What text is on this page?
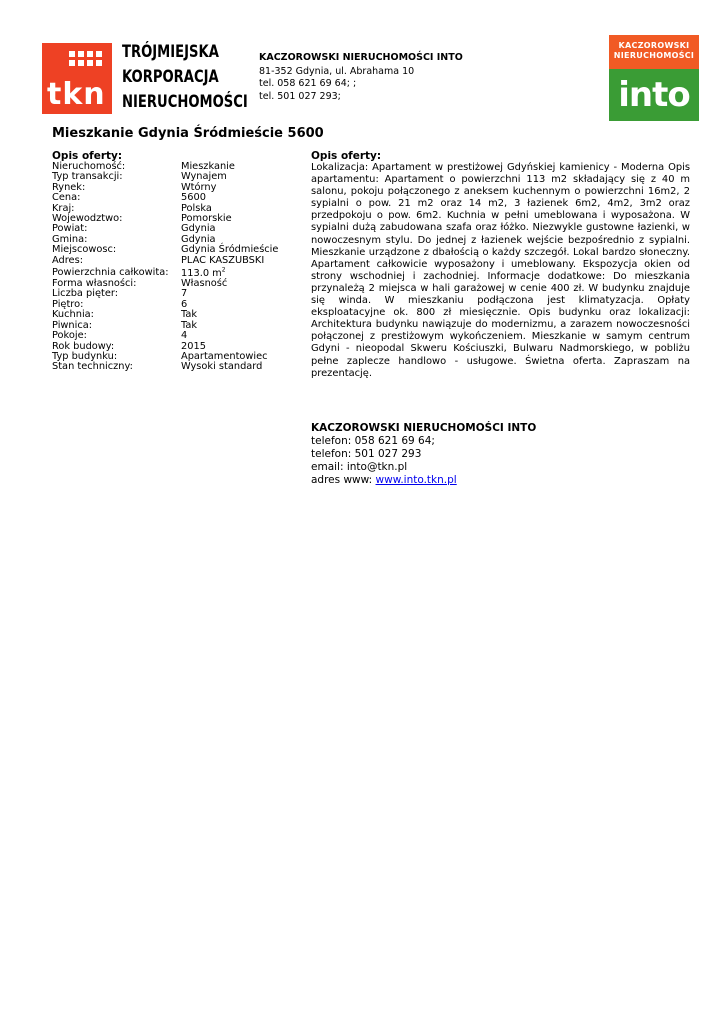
tkn
TRÓJMIEJSKA
KORPORACJA
NIERUCHOMOŚCI
KACZOROWSKI NIERUCHOMOŚCI INTO
81-352 Gdynia, ul. Abrahama 10
tel. 058 621 69 64; ;
tel. 501 027 293;
KACZOROWSKI
NIERUCHOMOŚCI
into
Mieszkanie Gdynia Śródmieście 5600
Opis oferty:
Nieruchomość:	Mieszkanie
Typ transakcji:	Wynajem
Rynek:	Wtórny
Cena:	5600
Kraj:	Polska
Wojewodztwo:	Pomorskie
Powiat:	Gdynia
Gmina:	Gdynia
Miejscowosc:	Gdynia Śródmieście
Adres:	PLAC KASZUBSKI
Powierzchnia całkowita:	113.0 $m^2$
Forma własności:	Własność
Liczba pięter:	7
Piętro:	6
Kuchnia:	Tak
Piwnica:	Tak
Pokoje:	4
Rok budowy:	2015
Typ budynku:	Apartamentowiec
Stan techniczny:	Wysoki standard
Opis oferty:
Lokalizacja: Apartament w prestiżowej Gdyńskiej kamienicy - Moderna Opis apartamentu: Apartament o powierzchni 113 m2 składający się z 40 m salonu, pokoju połączonego z aneksem kuchennym o powierzchni 16m2, 2 sypialni o pow. 21 m2 oraz 14 m2, 3 łazienek 6m2, 4m2, 3m2 oraz przedpokoju o pow. 6m2. Kuchnia w pełni umeblowana i wyposażona. W sypialni dużą zabudowana szafa oraz łóżko. Niezwykle gustowne łazienki, w nowoczesnym stylu. Do jednej z łazienek wejście bezpośrednio z sypialni. Mieszkanie urządzone z dbałością o każdy szczegół. Lokal bardzo słoneczny. Apartament całkowicie wyposażony i umeblowany. Ekspozycja okien od strony wschodniej i zachodniej. Informacje dodatkowe: Do mieszkania przynależą 2 miejsca w hali garażowej w cenie 400 zł. W budynku znajduje się winda. W mieszkaniu podłączona jest klimatyzacja. Opłaty eksploatacyjne ok. 800 zł miesięcznie. Opis budynku oraz lokalizacji: Architektura budynku nawiązuje do modernizmu, a zarazem nowoczesności połączonej z prestiżowym wykończeniem. Mieszkanie w samym centrum Gdyni - nieopodal Skweru Kościuszki, Bulwaru Nadmorskiego, w pobliżu pełne zaplecze handlowo - usługowe. Świetna oferta. Zapraszam na prezentację.
KACZOROWSKI NIERUCHOMOŚCI INTO
telefon: 058 621 69 64;
telefon: 501 027 293
email: into@tkn.pl
adres www: www.into.tkn.pl
